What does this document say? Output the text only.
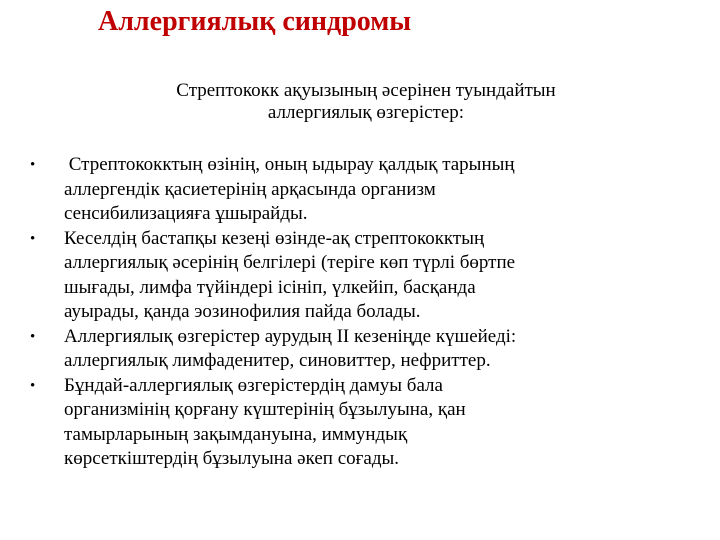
Аллергиялық синдромы
Стрептококк ақуызының әсерінен туындайтын
аллергиялық өзгерістер:
•	Стрептококктың өзінің, оның ыдырау қалдық тарының
аллергендік қасиетерінің арқасында организм
сенсибилизацияға ұшырайды.
•	Кеселдің бастапқы кезеңі өзінде-ақ стрептококктың
аллергиялық әсерінің белгілері (теріге көп түрлі бөртпе
шығады, лимфа түйіндері ісініп, үлкейіп, басқанда
ауырады, қанда эозинофилия пайда болады.
•	Аллергиялық өзгерістер аурудың ІІ кезеніңде күшейеді:
аллергиялық лимфаденитер, синовиттер, нефриттер.
•	Бұндай-аллергиялық өзгерістердің дамуы бала
организмінің қорғану күштерінің бұзылуына, қан
тамырларының зақымдануына, иммундық
көрсеткіштердің бұзылуына әкеп соғады.
